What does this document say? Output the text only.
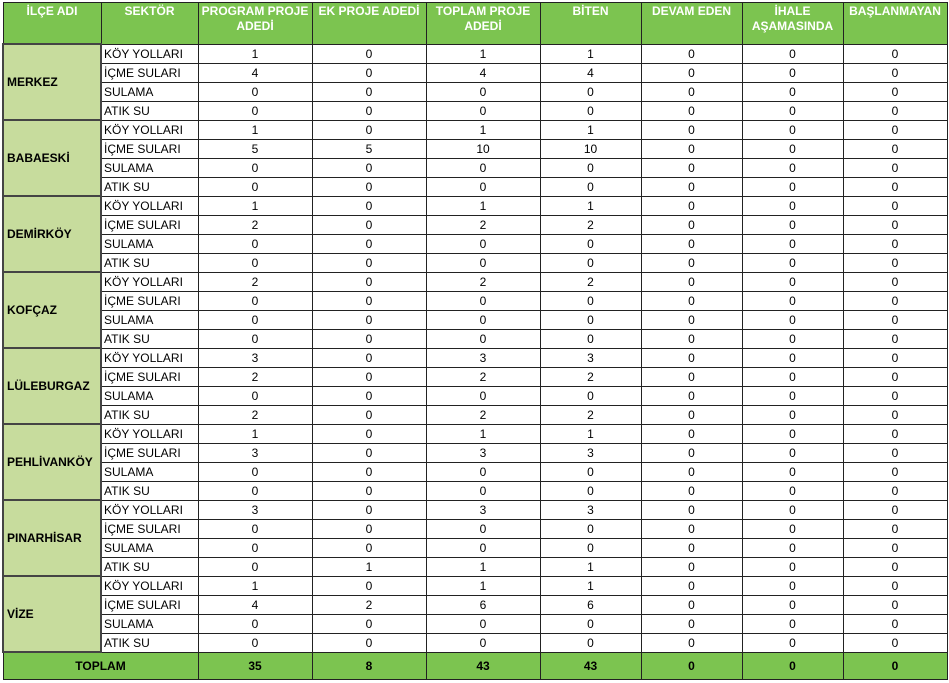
İLÇE ADI	SEKTÖR	PROGRAM PROJE ADEDİ	EK PROJE ADEDİ	TOPLAM PROJE ADEDİ	BİTEN	DEVAM EDEN	İHALE AŞAMASINDA	BAŞLANMAYAN

MERKEZ	KÖY YOLLARI	1	0	1	1	0	0	0
	İÇME SULARI	4	0	4	4	0	0	0
	SULAMA	0	0	0	0	0	0	0
	ATIK SU	0	0	0	0	0	0	0
BABAESKİ	KÖY YOLLARI	1	0	1	1	0	0	0
	İÇME SULARI	5	5	10	10	0	0	0
	SULAMA	0	0	0	0	0	0	0
	ATIK SU	0	0	0	0	0	0	0
DEMİRKÖY	KÖY YOLLARI	1	0	1	1	0	0	0
	İÇME SULARI	2	0	2	2	0	0	0
	SULAMA	0	0	0	0	0	0	0
	ATIK SU	0	0	0	0	0	0	0
KOFÇAZ	KÖY YOLLARI	2	0	2	2	0	0	0
	İÇME SULARI	0	0	0	0	0	0	0
	SULAMA	0	0	0	0	0	0	0
	ATIK SU	0	0	0	0	0	0	0
LÜLEBURGAZ	KÖY YOLLARI	3	0	3	3	0	0	0
	İÇME SULARI	2	0	2	2	0	0	0
	SULAMA	0	0	0	0	0	0	0
	ATIK SU	2	0	2	2	0	0	0
PEHLİVANKÖY	KÖY YOLLARI	1	0	1	1	0	0	0
	İÇME SULARI	3	0	3	3	0	0	0
	SULAMA	0	0	0	0	0	0	0
	ATIK SU	0	0	0	0	0	0	0
PINARHİSAR	KÖY YOLLARI	3	0	3	3	0	0	0
	İÇME SULARI	0	0	0	0	0	0	0
	SULAMA	0	0	0	0	0	0	0
	ATIK SU	0	1	1	1	0	0	0
VİZE	KÖY YOLLARI	1	0	1	1	0	0	0
	İÇME SULARI	4	2	6	6	0	0	0
	SULAMA	0	0	0	0	0	0	0
	ATIK SU	0	0	0	0	0	0	0
TOPLAM		35	8	43	43	0	0	0
